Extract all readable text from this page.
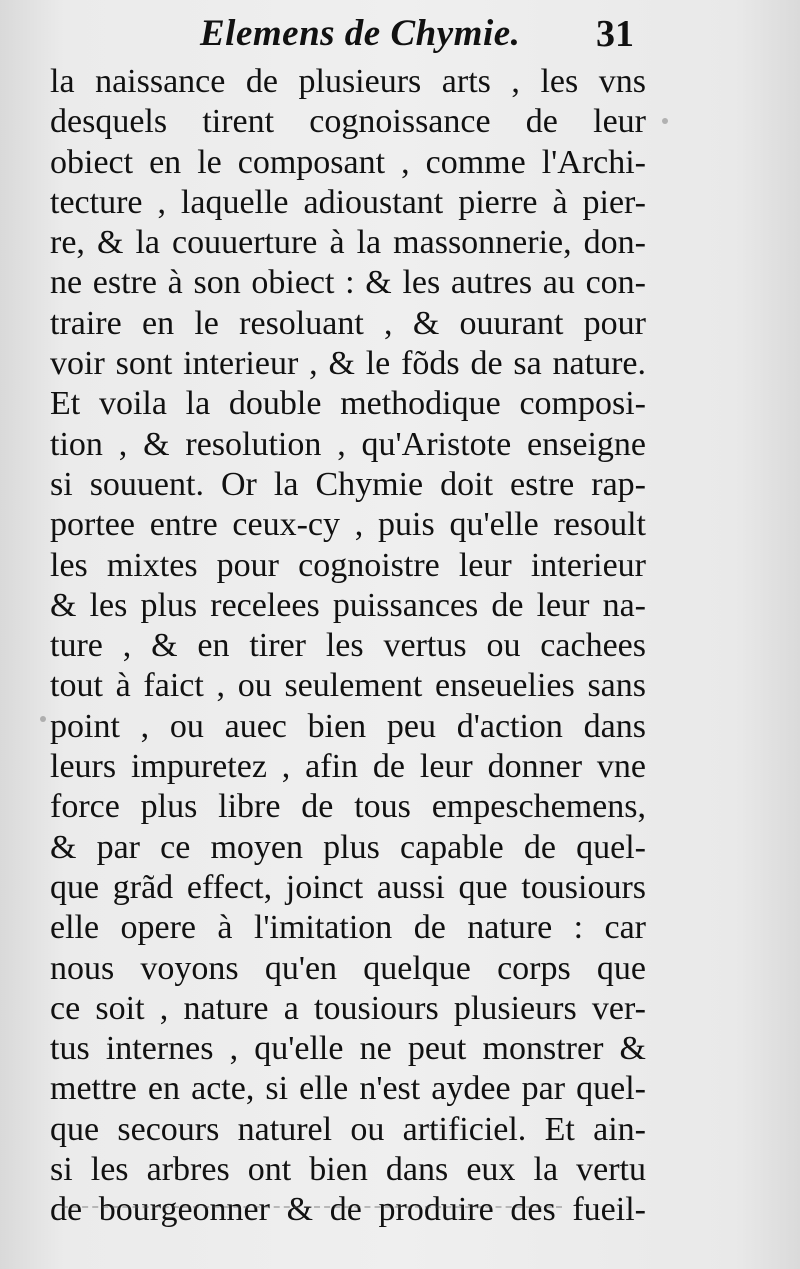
Elemens de Chymie. 31
la naissance de plusieurs arts , les vns
desquels tirent cognoissance de leur
obiect en le composant , comme l'Archi-
tecture , laquelle adioustant pierre à pier-
re, & la couuerture à la massonnerie, don-
ne estre à son obiect : & les autres au con-
traire en le resoluant , & ouurant pour
voir sont interieur , & le fõds de sa nature.
Et voila la double methodique composi-
tion , & resolution , qu'Aristote enseigne
si souuent. Or la Chymie doit estre rap-
portee entre ceux-cy , puis qu'elle resoult
les mixtes pour cognoistre leur interieur
& les plus recelees puissances de leur na-
ture , & en tirer les vertus ou cachees
tout à faict , ou seulement enseuelies sans
point , ou auec bien peu d'action dans
leurs impuretez , afin de leur donner vne
force plus libre de tous empeschemens,
& par ce moyen plus capable de quel-
que grãd effect, joinct aussi que tousiours
elle opere à l'imitation de nature : car
nous voyons qu'en quelque corps que
ce soit , nature a tousiours plusieurs ver-
tus internes , qu'elle ne peut monstrer &
mettre en acte, si elle n'est aydee par quel-
que secours naturel ou artificiel. Et ain-
si les arbres ont bien dans eux la vertu
de bourgeonner & de produire des fueil-
